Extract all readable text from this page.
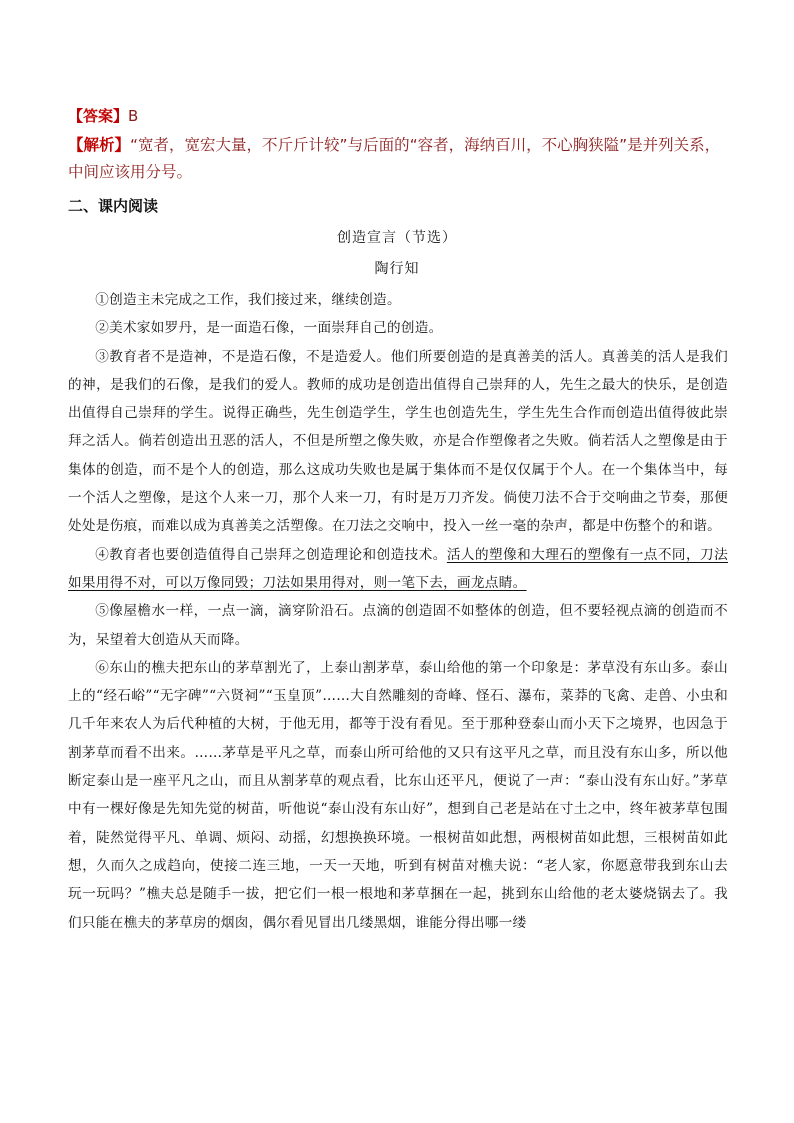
【答案】B
【解析】“宽者，宽宏大量，不斤斤计较”与后面的“容者，海纳百川，不心胸狭隘”是并列关系，中间应该用分号。
二、课内阅读
创造宣言（节选）
陶行知

①创造主未完成之工作，我们接过来，继续创造。

②美术家如罗丹，是一面造石像，一面崇拜自己的创造。

③教育者不是造神，不是造石像，不是造爱人。他们所要创造的是真善美的活人。真善美的活人是我们的神，是我们的石像，是我们的爱人。教师的成功是创造出值得自己崇拜的人，先生之最大的快乐，是创造出值得自己崇拜的学生。说得正确些，先生创造学生，学生也创造先生，学生先生合作而创造出值得彼此崇拜之活人。倘若创造出丑恶的活人，不但是所塑之像失败，亦是合作塑像者之失败。倘若活人之塑像是由于集体的创造，而不是个人的创造，那么这成功失败也是属于集体而不是仅仅属于个人。在一个集体当中，每一个活人之塑像，是这个人来一刀，那个人来一刀，有时是万刀齐发。倘使刀法不合于交响曲之节奏，那便处处是伤痕，而难以成为真善美之活塑像。在刀法之交响中，投入一丝一毫的杂声，都是中伤整个的和谐。

④教育者也要创造值得自己崇拜之创造理论和创造技术。活人的塑像和大理石的塑像有一点不同，刀法如果用得不对，可以万像同毁；刀法如果用得对，则一笔下去，画龙点睛。

⑤像屋檐水一样，一点一滴，滴穿阶沿石。点滴的创造固不如整体的创造，但不要轻视点滴的创造而不为，呆望着大创造从天而降。

⑥东山的樵夫把东山的茅草割光了，上泰山割茅草，泰山给他的第一个印象是：茅草没有东山多。泰山上的“经石峪”“无字碑”“六贤祠”“玉皇顶”……大自然雕刻的奇峰、怪石、瀑布，菜莽的飞禽、走兽、小虫和几千年来农人为后代种植的大树，于他无用，都等于没有看见。至于那种登泰山而小天下之境界，也因急于割茅草而看不出来。……茅草是平凡之草，而泰山所可给他的又只有这平凡之草，而且没有东山多，所以他断定泰山是一座平凡之山，而且从割茅草的观点看，比东山还平凡，便说了一声：“泰山没有东山好。”茅草中有一棵好像是先知先觉的树苗，听他说“泰山没有东山好”，想到自己老是站在寸土之中，终年被茅草包围着，陡然觉得平凡、单调、烦闷、动摇，幻想换换环境。一根树苗如此想，两根树苗如此想，三根树苗如此想，久而久之成趋向，使接二连三地，一天一天地，听到有树苗对樵夫说：“老人家，你愿意带我到东山去玩一玩吗？”樵夫总是随手一拔，把它们一根一根地和茅草捆在一起，挑到东山给他的老太婆烧锅去了。我们只能在樵夫的茅草房的烟囱，偶尔看见冒出几缕黑烟，谁能分得出哪一缕
